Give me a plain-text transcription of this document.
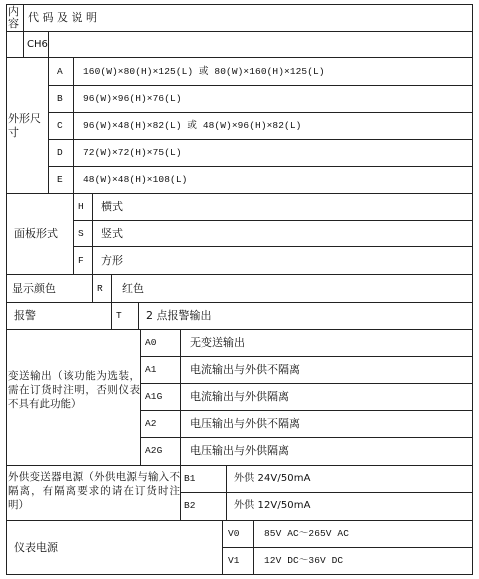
内容 代 码 及 说 明
CH6
外形尺寸
A 160(W)×80(H)×125(L) 或 80(W)×160(H)×125(L)
B 96(W)×96(H)×76(L)
C 96(W)×48(H)×82(L) 或 48(W)×96(H)×82(L)
D 72(W)×72(H)×75(L)
E 48(W)×48(H)×108(L)
面板形式
H 横式
S 竖式
F 方形
显示颜色	R 红色
报警	T 2 点报警输出
变送输出（该功能为选装，需在订货时注明，否则仪表不具有此功能）
A0	无变送输出
A1	电流输出与外供不隔离
A1G	电流输出与外供隔离
A2	电压输出与外供不隔离
A2G	电压输出与外供隔离
外供变送器电源（外供电源与输入不隔离，有隔离要求的请在订货时注明）
B1	外供 24V/50mA
B2	外供 12V/50mA
仪表电源
V0	85V AC～265V AC
V1	12V DC～36V DC
